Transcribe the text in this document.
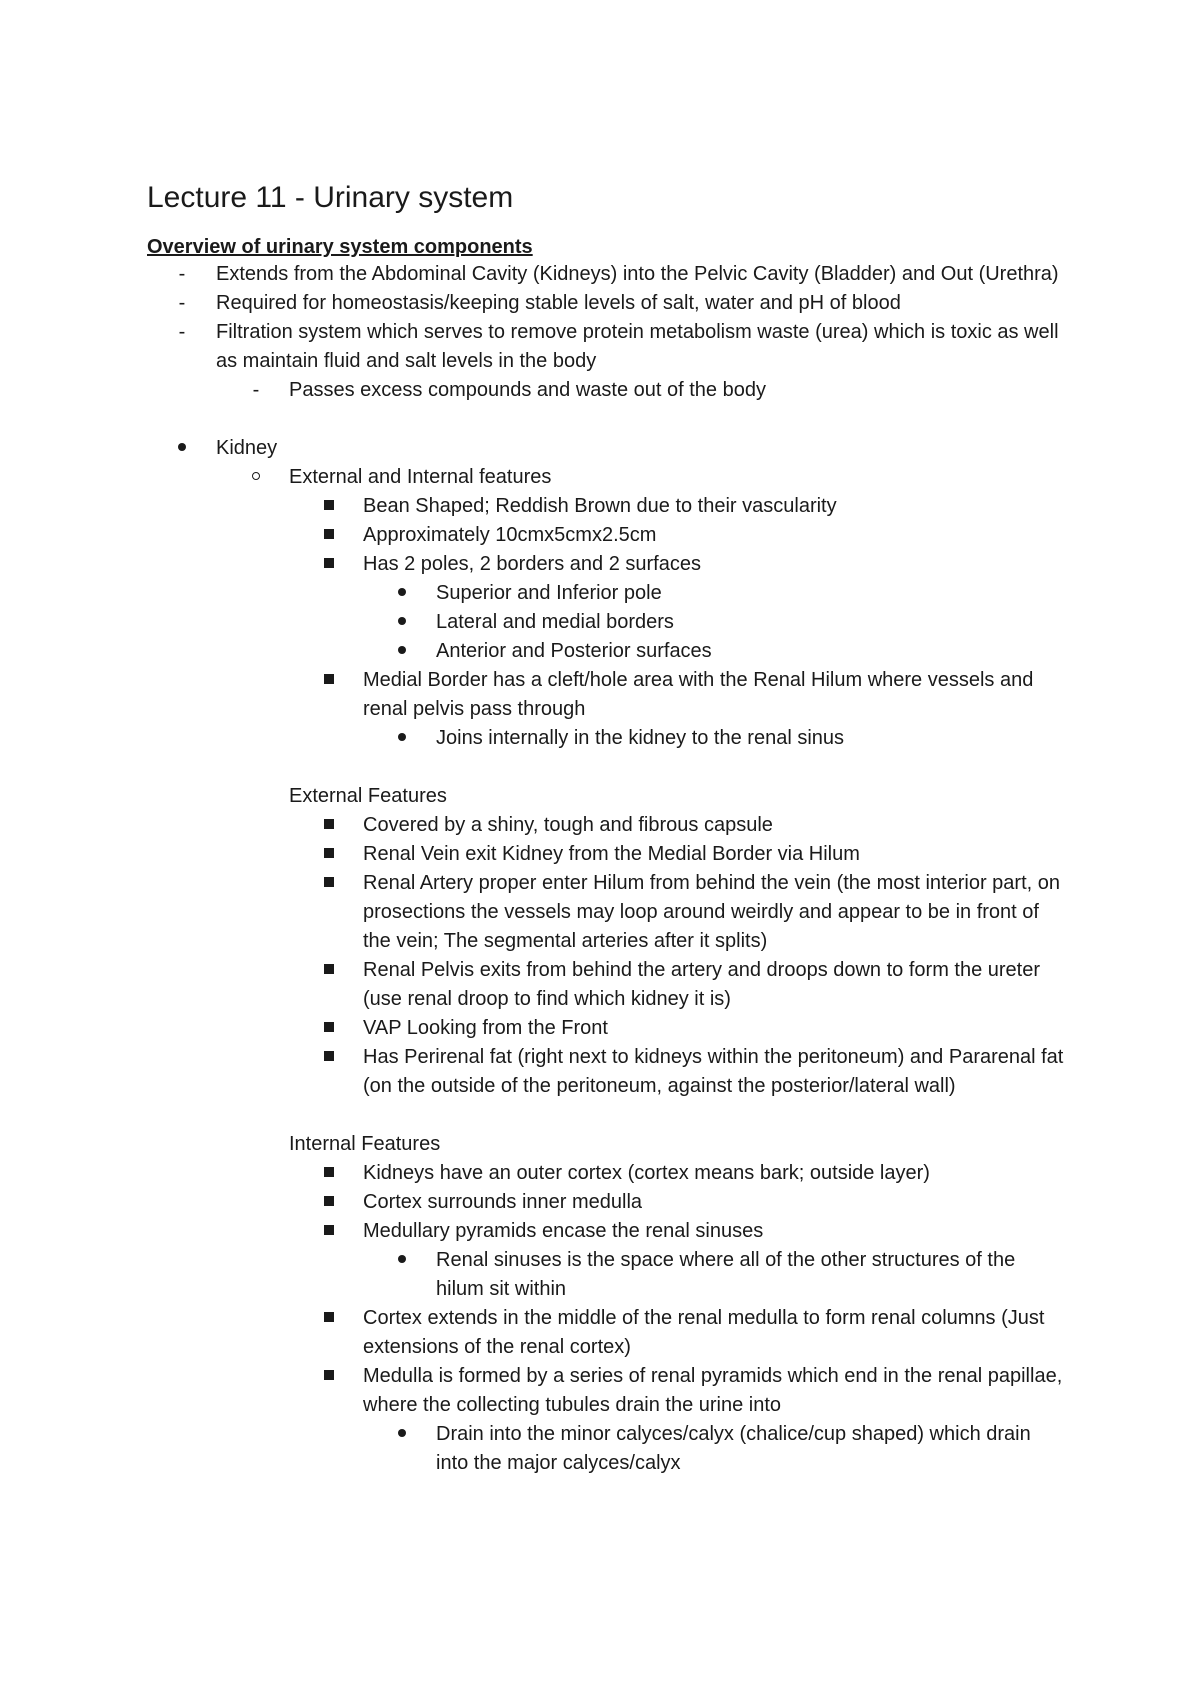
Lecture 11 - Urinary system
Overview of urinary system components
- Extends from the Abdominal Cavity (Kidneys) into the Pelvic Cavity (Bladder) and Out (Urethra)
- Required for homeostasis/keeping stable levels of salt, water and pH of blood
- Filtration system which serves to remove protein metabolism waste (urea) which is toxic as well as maintain fluid and salt levels in the body
- Passes excess compounds and waste out of the body
Kidney
External and Internal features
Bean Shaped; Reddish Brown due to their vascularity
Approximately 10cmx5cmx2.5cm
Has 2 poles, 2 borders and 2 surfaces
Superior and Inferior pole
Lateral and medial borders
Anterior and Posterior surfaces
Medial Border has a cleft/hole area with the Renal Hilum where vessels and renal pelvis pass through
Joins internally in the kidney to the renal sinus
External Features
Covered by a shiny, tough and fibrous capsule
Renal Vein exit Kidney from the Medial Border via Hilum
Renal Artery proper enter Hilum from behind the vein (the most interior part, on prosections the vessels may loop around weirdly and appear to be in front of the vein; The segmental arteries after it splits)
Renal Pelvis exits from behind the artery and droops down to form the ureter (use renal droop to find which kidney it is)
VAP Looking from the Front
Has Perirenal fat (right next to kidneys within the peritoneum) and Pararenal fat (on the outside of the peritoneum, against the posterior/lateral wall)
Internal Features
Kidneys have an outer cortex (cortex means bark; outside layer)
Cortex surrounds inner medulla
Medullary pyramids encase the renal sinuses
Renal sinuses is the space where all of the other structures of the hilum sit within
Cortex extends in the middle of the renal medulla to form renal columns (Just extensions of the renal cortex)
Medulla is formed by a series of renal pyramids which end in the renal papillae, where the collecting tubules drain the urine into
Drain into the minor calyces/calyx (chalice/cup shaped) which drain into the major calyces/calyx
